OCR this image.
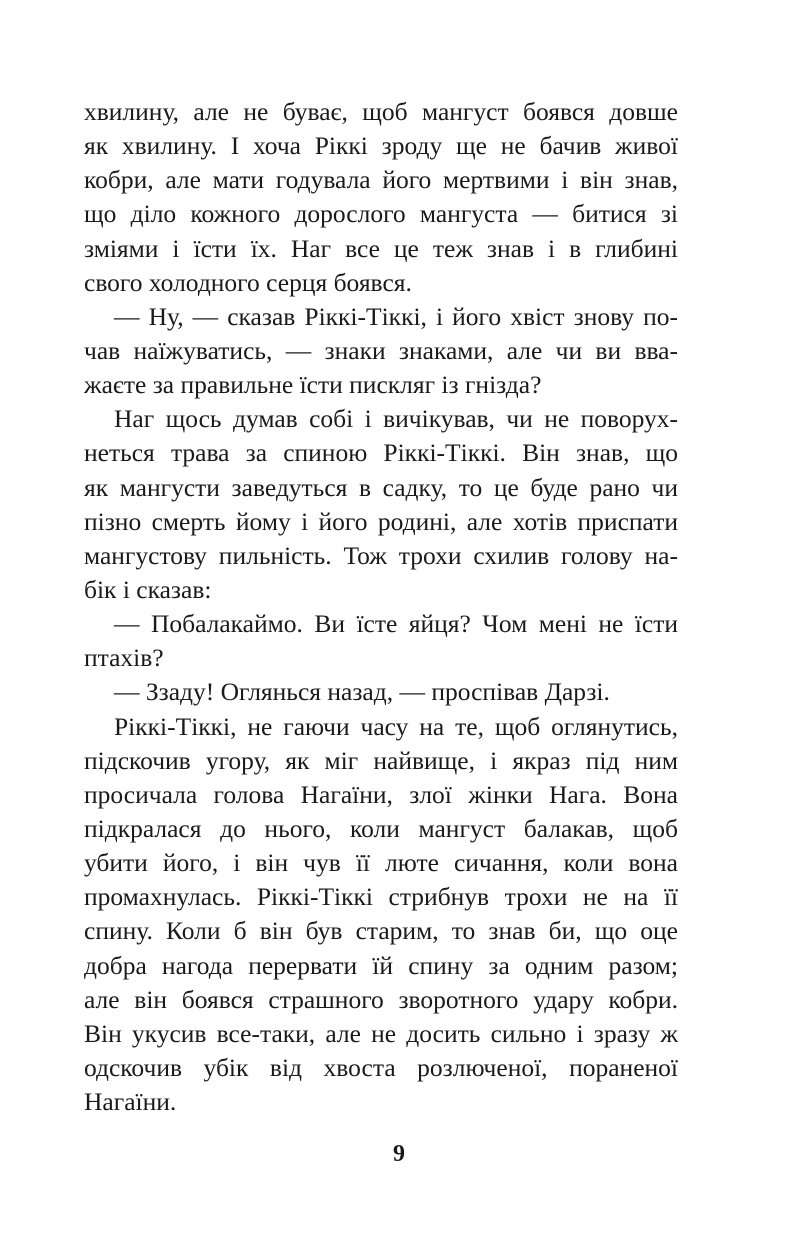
хвилину, але не буває, щоб мангуст боявся довше
як хвилину. І хоча Ріккі зроду ще не бачив живої
кобри, але мати годувала його мертвими і він знав,
що діло кожного дорослого мангуста — битися зі
зміями і їсти їх. Наг все це теж знав і в глибині
свого холодного серця боявся.
— Ну, — сказав Ріккі-Тіккі, і його хвіст знову по-
чав наїжуватись, — знаки знаками, але чи ви вва-
жаєте за правильне їсти пискляг із гнізда?
Наг щось думав собі і вичікував, чи не поворух-
неться трава за спиною Ріккі-Тіккі. Він знав, що
як мангусти заведуться в садку, то це буде рано чи
пізно смерть йому і його родині, але хотів приспати
мангустову пильність. Тож трохи схилив голову на-
бік і сказав:
— Побалакаймо. Ви їсте яйця? Чом мені не їсти
птахів?
— Ззаду! Оглянься назад, — проспівав Дарзі.
Ріккі-Тіккі, не гаючи часу на те, щоб оглянутись,
підскочив угору, як міг найвище, і якраз під ним
просичала голова Нагаїни, злої жінки Нага. Вона
підкралася до нього, коли мангуст балакав, щоб
убити його, і він чув її люте сичання, коли вона
промахнулась. Ріккі-Тіккі стрибнув трохи не на її
спину. Коли б він був старим, то знав би, що оце
добра нагода перервати їй спину за одним разом;
але він боявся страшного зворотного удару кобри.
Він укусив все-таки, але не досить сильно і зразу ж
одскочив убік від хвоста розлюченої, пораненої
Нагаїни.
9
